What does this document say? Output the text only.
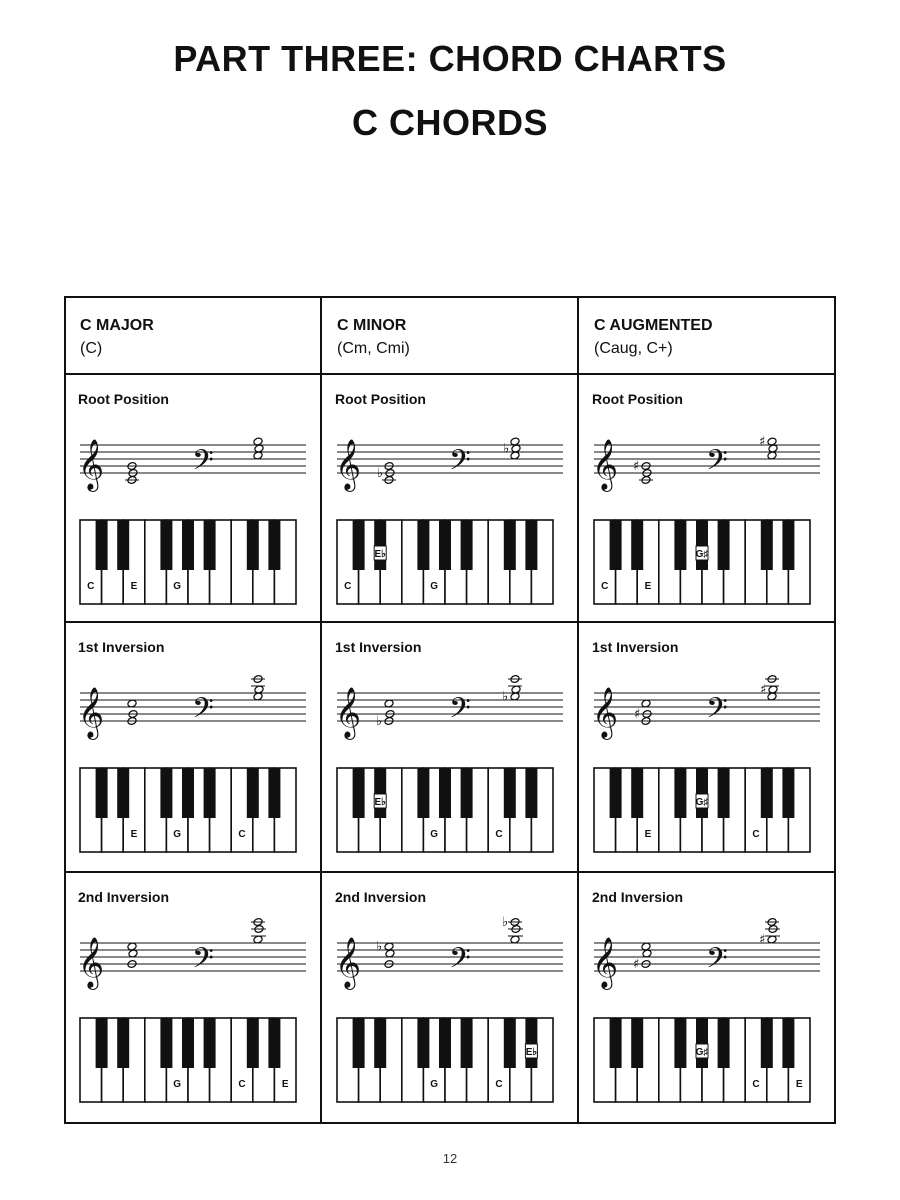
PART THREE: CHORD CHARTS
C CHORDS
C MAJOR
(C)
Root Position
𝄞	𝄢
C	E	G
1st Inversion
𝄞	𝄢
E	G	C
2nd Inversion
𝄞	𝄢
G	C	E
C MINOR
(Cm, Cmi)
Root Position
𝄞	𝄢
♭
♭
C
E♭
G
1st Inversion
𝄞	𝄢
♭
♭
E♭
G	C
2nd Inversion
𝄞	𝄢
♭
♭
G	C
E♭
C AUGMENTED
(Caug, C+)
Root Position
𝄞	𝄢
♯
♯
C	E
G♯
1st Inversion
𝄞	𝄢
♯
♯
E
G♯
C
2nd Inversion
𝄞	𝄢
♯
♯
G♯
C	E
12
